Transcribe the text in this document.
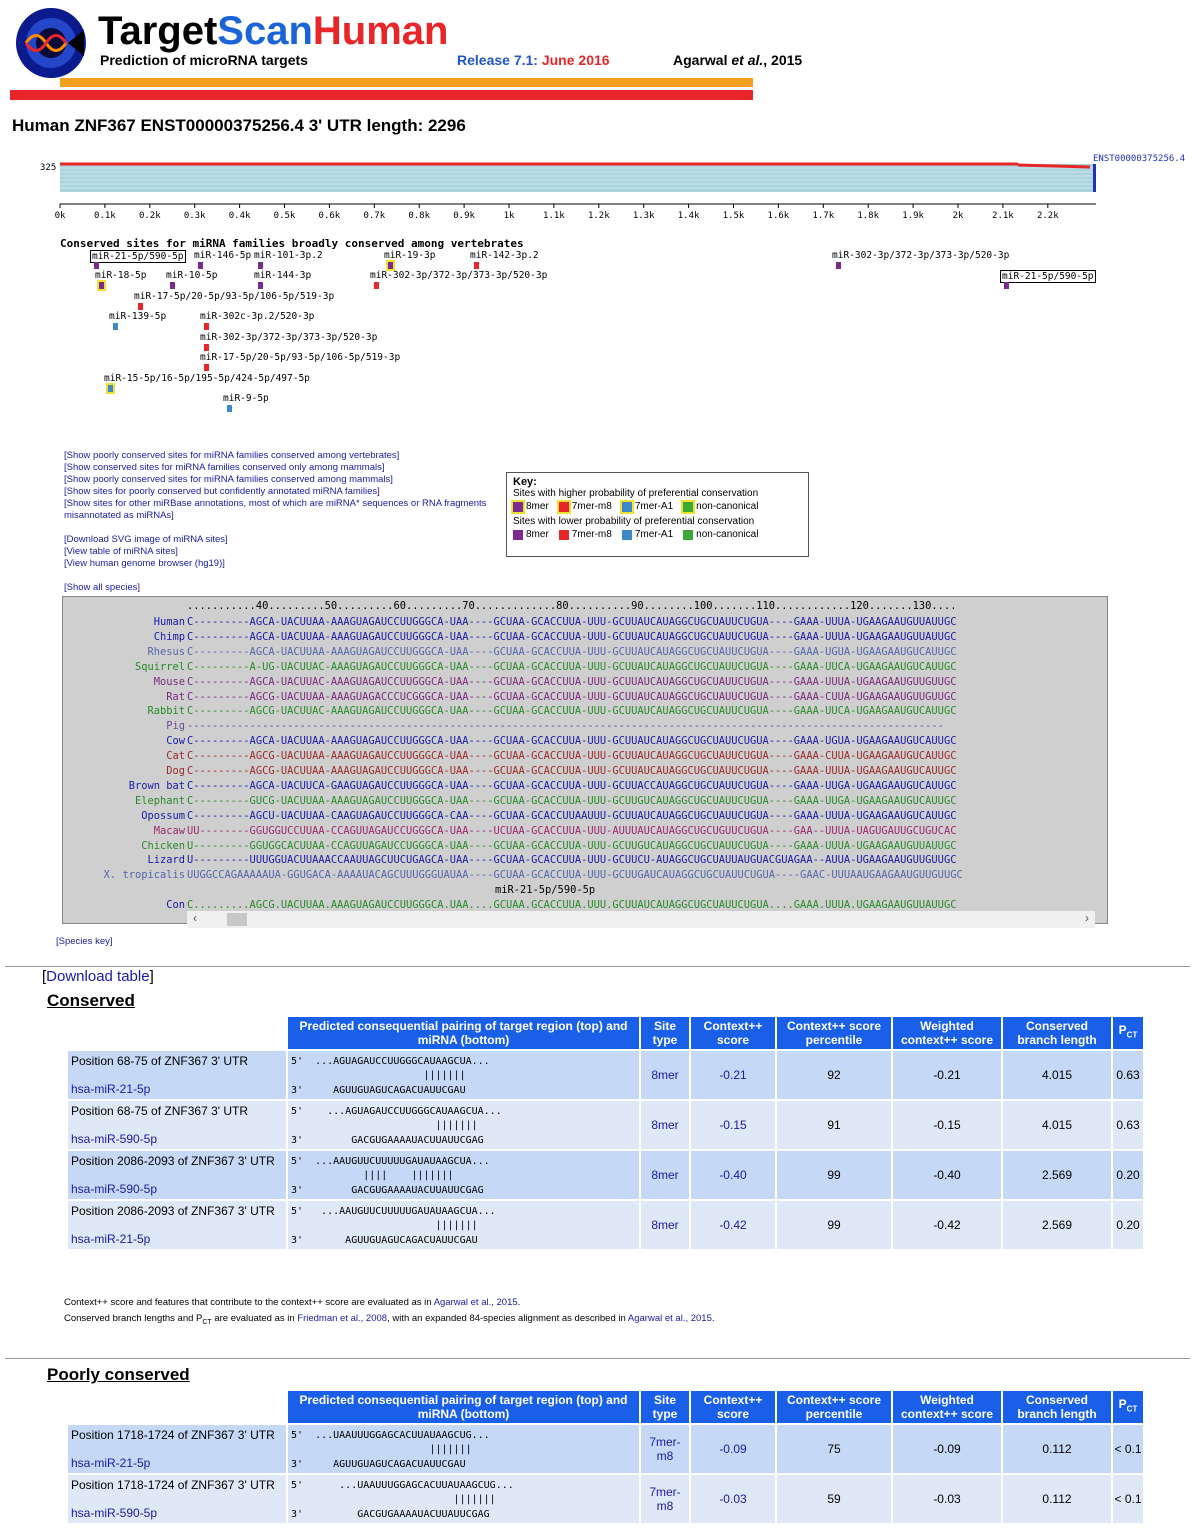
TargetScanHuman
Prediction of microRNA targets	Release 7.1: June 2016	Agarwal et al., 2015
Human ZNF367 ENST00000375256.4 3' UTR length: 2296
325
ENST00000375256.4
0k	0.1k	0.2k	0.3k	0.4k	0.5k	0.6k	0.7k	0.8k	0.9k	1k	1.1k	1.2k	1.3k	1.4k	1.5k	1.6k	1.7k	1.8k	1.9k	2k	2.1k	2.2k
Conserved sites for miRNA families broadly conserved among vertebrates
miR-21-5p/590-5p miR-146-5p miR-101-3p.2	miR-19-3p	miR-142-3p.2	miR-302-3p/372-3p/373-3p/520-3p
miR-18-5p miR-10-5p	miR-144-3p	miR-302-3p/372-3p/373-3p/520-3p	miR-21-5p/590-5p
miR-17-5p/20-5p/93-5p/106-5p/519-3p
miR-139-5p	miR-302c-3p.2/520-3p
miR-302-3p/372-3p/373-3p/520-3p
miR-17-5p/20-5p/93-5p/106-5p/519-3p
miR-15-5p/16-5p/195-5p/424-5p/497-5p
miR-9-5p
[Show poorly conserved sites for miRNA families conserved among vertebrates]
[Show conserved sites for miRNA families conserved only among mammals]
[Show poorly conserved sites for miRNA families conserved among mammals]
[Show sites for poorly conserved but confidently annotated miRNA families]
[Show sites for other miRBase annotations, most of which are miRNA* sequences or RNA fragments misannotated as miRNAs]

[Download SVG image of miRNA sites]
[View table of miRNA sites]
[View human genome browser (hg19)]

[Show all species]
Key:
Sites with higher probability of preferential conservation
8mer 7mer-m8 7mer-A1 non-canonical
Sites with lower probability of preferential conservation
8mer 7mer-m8 7mer-A1 non-canonical
...........40.........50.........60.........70.............80..........90........100.......110............120.......130....
Human C---------AGCA-UACUUAA-AAAGUAGAUCCUUGGGCA-UAA----GCUAA-GCACCUUA-UUU-GCUUAUCAUAGGCUGCUAUUCUGUA----GAAA-UUUA-UGAAGAAUGUUAUUGC
Chimp C---------AGCA-UACUUAA-AAAGUAGAUCCUUGGGCA-UAA----GCUAA-GCACCUUA-UUU-GCUUAUCAUAGGCUGCUAUUCUGUA----GAAA-UUUA-UGAAGAAUGUUAUUGC
Rhesus C---------AGCA-UACUUAA-AAAGUAGAUCCUUGGGCA-UAA----GCUAA-GCACCUUA-UUU-GCUUAUCAUAGGCUGCUAUUCUGUA----GAAA-UGUA-UGAAGAAUGUCAUUGC
Squirrel C---------A-UG-UACUUAC-AAAGUAGAUCCUUGGGCA-UAA----GCUAA-GCACCUUA-UUU-GCUUAUCAUAGGCUGCUAUUCUGUA----GAAA-UUCA-UGAAGAAUGUCAUUGC
Mouse C---------AGCA-UACUUAC-AAAGUAGAUCCUUGGGCA-UAA----GCUAA-GCACCUUA-UUU-GCUUAUCAUAGGCUGCUAUUCUGUA----GAAA-UUUA-UGAAGAAUGUUGUUGC
Rat C---------AGCG-UACUUAA-AAAGUAGACCCUCGGGCA-UAA----GCUAA-GCACCUUA-UUU-GCUUAUCAUAGGCUGCUAUUCUGUA----GAAA-CUUA-UGAAGAAUGUUGUUGC
Rabbit C---------AGCG-UACUUAC-AAAGUAGAUCCUUGGGCA-UAA----GCUAA-GCACCUUA-UUU-GCUUAUCAUAGGCUGCUAUUCUGUA----GAAA-UUCA-UGAAGAAUGUCAUUGC
Pig -------------------------------------------------------------------------------------------------------------------------
Cow C---------AGCA-UACUUAA-AAAGUAGAUCCUUGGGCA-UAA----GCUAA-GCACCUUA-UUU-GCUUAUCAUAGGCUGCUAUUCUGUA----GAAA-UGUA-UGAAGAAUGUCAUUGC
Cat C---------AGCG-UACUUAA-AAAGUAGAUCCUUGGGCA-UAA----GCUAA-GCACCUUA-UUU-GCUUAUCAUAGGCUGCUAUUCUGUA----GAAA-CUUA-UGAAGAAUGUCAUUGC
Dog C---------AGCG-UACUUAA-AAAGUAGAUCCUUGGGCA-UAA----GCUAA-GCACCUUA-UUU-GCUUAUCAUAGGCUGCUAUUCUGUA----GAAA-UUUA-UGAAGAAUGUCAUUGC
Brown bat C---------AGCA-UACUUCA-GAAGUAGAUCCUUGGGCA-UAA----GCUAA-GCACCUUA-UUU-GCUUACCAUAGGCUGCUAUUCUGUA----GAAA-UUGA-UGAAGAAUGUCAUUGC
Elephant C---------GUCG-UACUUAA-AAAGUAGAUCCUUGGGCA-UAA----GCUAA-GCACCUUA-UUU-GCUUGUCAUAGGCUGCUAUUCUGUA----GAAA-UUGA-UGAAGAAUGUCAUUGC
Opossum C---------AGCU-UACUUAA-CAAGUAGAUCCUUGGGCA-CAA----GCUAA-GCACCUUAAUUU-GCUUAUCAUAGGCUGCUAUUCUGUA----GAAA-UUUA-UGAAGAAUGUCAUUGC
Macaw UU--------GGUGGUCCUUAA-CCAGUUAGAUCCUGGGCA-UAA----UCUAA-GCACCUUA-UUU-AUUUAUCAUAGGCUGCUGUUCUGUA----GAA--UUUA-UAGUGAUUGCUGUCAC
Chicken U---------GGUGGCACUUAA-CCAGUUAGAUCCUGGGCA-UAA----GCUAA-GCACCUUA-UUU-GCUUGUCAUAGGCUGCUAUUCUGUA----GAAA-UUUA-UGAAGAAUGUUAUUGC
Lizard U---------UUUGGUACUUAAACCAAUUAGCUUCUGAGCA-UAA----GCUAA-GCACCUUA-UUU-GCUUCU-AUAGGCUGCUAUUAUGUACGUAGAA--AUUA-UGAAGAAUGUUGUUGC
X. tropicalis UUGGCCAGAAAAAUA-GGUGACA-AAAAUACAGCUUUGGGUAUAA----GCUAA-GCACCUUA-UUU-GCUUGAUCAUAGGCUGCUAUUCUGUA----GAAC-UUUAAUGAAGAAUGUUGUUGC
miR-21-5p/590-5p
Con C.........AGCG.UACUUAA.AAAGUAGAUCCUUGGGCA.UAA....GCUAA.GCACCUUA.UUU.GCUUAUCAUAGGCUGCUAUUCUGUA....GAAA.UUUA.UGAAGAAUGUUAUUGC
‹	›
[Species key]
[Download table]
Conserved
	Predicted consequential pairing of target region (top) and miRNA (bottom)	Site type	Context++ score	Context++ score percentile	Weighted context++ score	Conserved branch length	$P_{CT}$

Position 68-75 of ZNF367 3' UTR
hsa-miR-21-5p	5'  ...AGUAGAUCCUUGGGCAUAAGCUA...
|||||||
3'     AGUUGUAGUCAGACUAUUCGAU	8mer	-0.21	92	-0.21	4.015	0.63

Position 68-75 of ZNF367 3' UTR
hsa-miR-590-5p	5'    ...AGUAGAUCCUUGGGCAUAAGCUA...
|||||||
3'        GACGUGAAAAUACUUAUUCGAG	8mer	-0.15	91	-0.15	4.015	0.63

Position 2086-2093 of ZNF367 3' UTR
hsa-miR-590-5p	5'  ...AAUGUUCUUUUUGAUAUAAGCUA...
||||    |||||||
3'        GACGUGAAAAUACUUAUUCGAG	8mer	-0.40	99	-0.40	2.569	0.20

Position 2086-2093 of ZNF367 3' UTR
hsa-miR-21-5p	5'   ...AAUGUUCUUUUUGAUAUAAGCUA...
|||||||
3'       AGUUGUAGUCAGACUAUUCGAU	8mer	-0.42	99	-0.42	2.569	0.20
Context++ score and features that contribute to the context++ score are evaluated as in Agarwal et al., 2015.
Conserved branch lengths and $P_{CT}$ are evaluated as in Friedman et al., 2008, with an expanded 84-species alignment as described in Agarwal et al., 2015.
Poorly conserved
	Predicted consequential pairing of target region (top) and miRNA (bottom)	Site type	Context++ score	Context++ score percentile	Weighted context++ score	Conserved branch length	$P_{CT}$

Position 1718-1724 of ZNF367 3' UTR
hsa-miR-21-5p	5'  ...UAAUUUGGAGCACUUAUAAGCUG...
|||||||
3'     AGUUGUAGUCAGACUAUUCGAU	7mer-m8	-0.09	75	-0.09	0.112	< 0.1

Position 1718-1724 of ZNF367 3' UTR
hsa-miR-590-5p	5'      ...UAAUUUGGAGCACUUAUAAGCUG...
|||||||
3'         GACGUGAAAAUACUUAUUCGAG	7mer-m8	-0.03	59	-0.03	0.112	< 0.1
